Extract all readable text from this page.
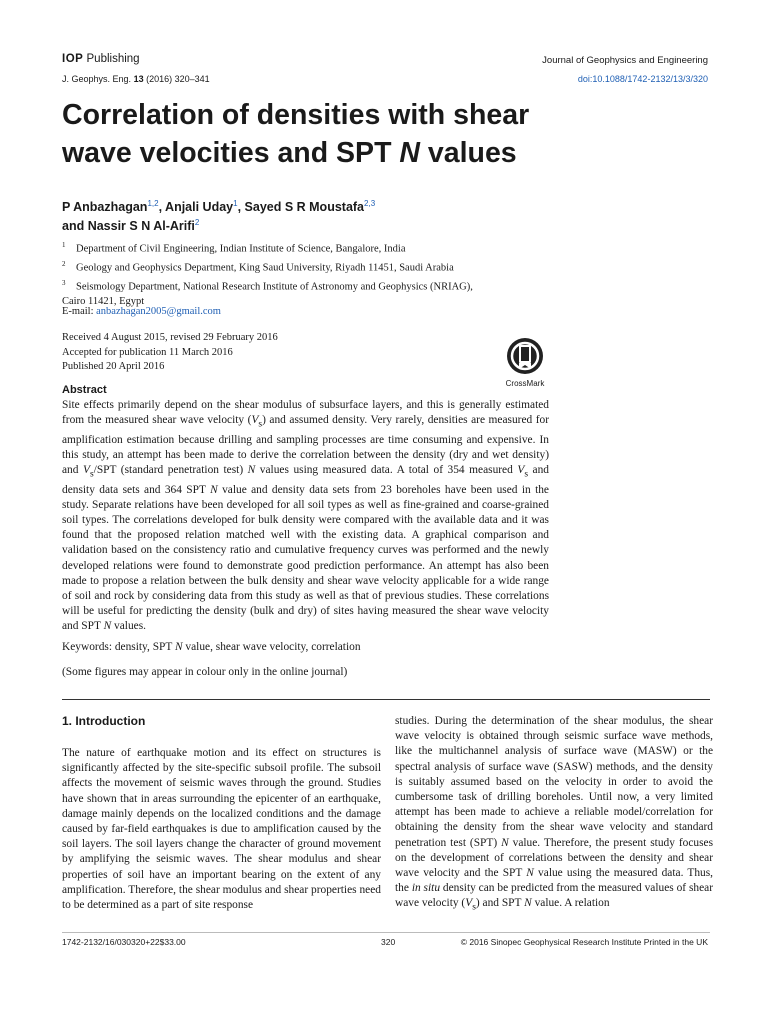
IOP Publishing	Journal of Geophysics and Engineering
J. Geophys. Eng. 13 (2016) 320–341	doi:10.1088/1742-2132/13/3/320
Correlation of densities with shear
wave velocities and SPT N values
P Anbazhagan$^{1,2}$, Anjali Uday$^1$, Sayed S R Moustafa$^{2,3}$
and Nassir S N Al-Arifi$^2$
$^1$ Department of Civil Engineering, Indian Institute of Science, Bangalore, India
$^2$ Geology and Geophysics Department, King Saud University, Riyadh 11451, Saudi Arabia
$^3$ Seismology Department, National Research Institute of Astronomy and Geophysics (NRIAG),
Cairo 11421, Egypt
E-mail: anbazhagan2005@gmail.com
Received 4 August 2015, revised 29 February 2016
Accepted for publication 11 March 2016
Published 20 April 2016
CrossMark
Abstract
Site effects primarily depend on the shear modulus of subsurface layers, and this is generally estimated from the measured shear wave velocity $(V_s)$ and assumed density. Very rarely, densities are measured for amplification estimation because drilling and sampling processes are time consuming and expensive. In this study, an attempt has been made to derive the correlation between the density (dry and wet density) and $V_s$/SPT (standard penetration test) N values using measured data. A total of 354 measured $V_s$ and density data sets and 364 SPT N value and density data sets from 23 boreholes have been used in the study. Separate relations have been developed for all soil types as well as fine-grained and coarse-grained soil types. The correlations developed for bulk density were compared with the available data and it was found that the proposed relation matched well with the existing data. A graphical comparison and validation based on the consistency ratio and cumulative frequency curves was performed and the newly developed relations were found to demonstrate good prediction performance. An attempt has also been made to propose a relation between the bulk density and shear wave velocity applicable for a wide range of soil and rock by considering data from this study as well as that of previous studies. These correlations will be useful for predicting the density (bulk and dry) of sites having measured the shear wave velocity and SPT N values.
Keywords: density, SPT N value, shear wave velocity, correlation
(Some figures may appear in colour only in the online journal)
1. Introduction

The nature of earthquake motion and its effect on structures is significantly affected by the site-specific subsoil profile. The subsoil affects the movement of seismic waves through the ground. Studies have shown that in areas surrounding the epicenter of an earthquake, damage mainly depends on the localized conditions and the damage caused by far-field earthquakes is due to amplification caused by the soil layers. The soil layers change the character of ground movement by amplifying the seismic waves. The shear modulus and shear properties of soil have an important bearing on the extent of any amplification. Therefore, the shear modulus and shear properties need to be determined as a part of site response

studies. During the determination of the shear modulus, the shear wave velocity is obtained through seismic surface wave methods, like the multichannel analysis of surface wave (MASW) or the spectral analysis of surface wave (SASW) methods, and the density is suitably assumed based on the velocity in order to avoid the cumbersome task of drilling boreholes. Until now, a very limited attempt has been made to achieve a reliable model/correlation for obtaining the density from the shear wave velocity and standard penetration test (SPT) N value. Therefore, the present study focuses on the development of correlations between the density and shear wave velocity and the SPT N value using the measured data. Thus, the in situ density can be predicted from the measured values of shear wave velocity $(V_s)$ and SPT N value. A relation

1742-2132/16/030320+22$33.00	320	© 2016 Sinopec Geophysical Research Institute Printed in the UK
